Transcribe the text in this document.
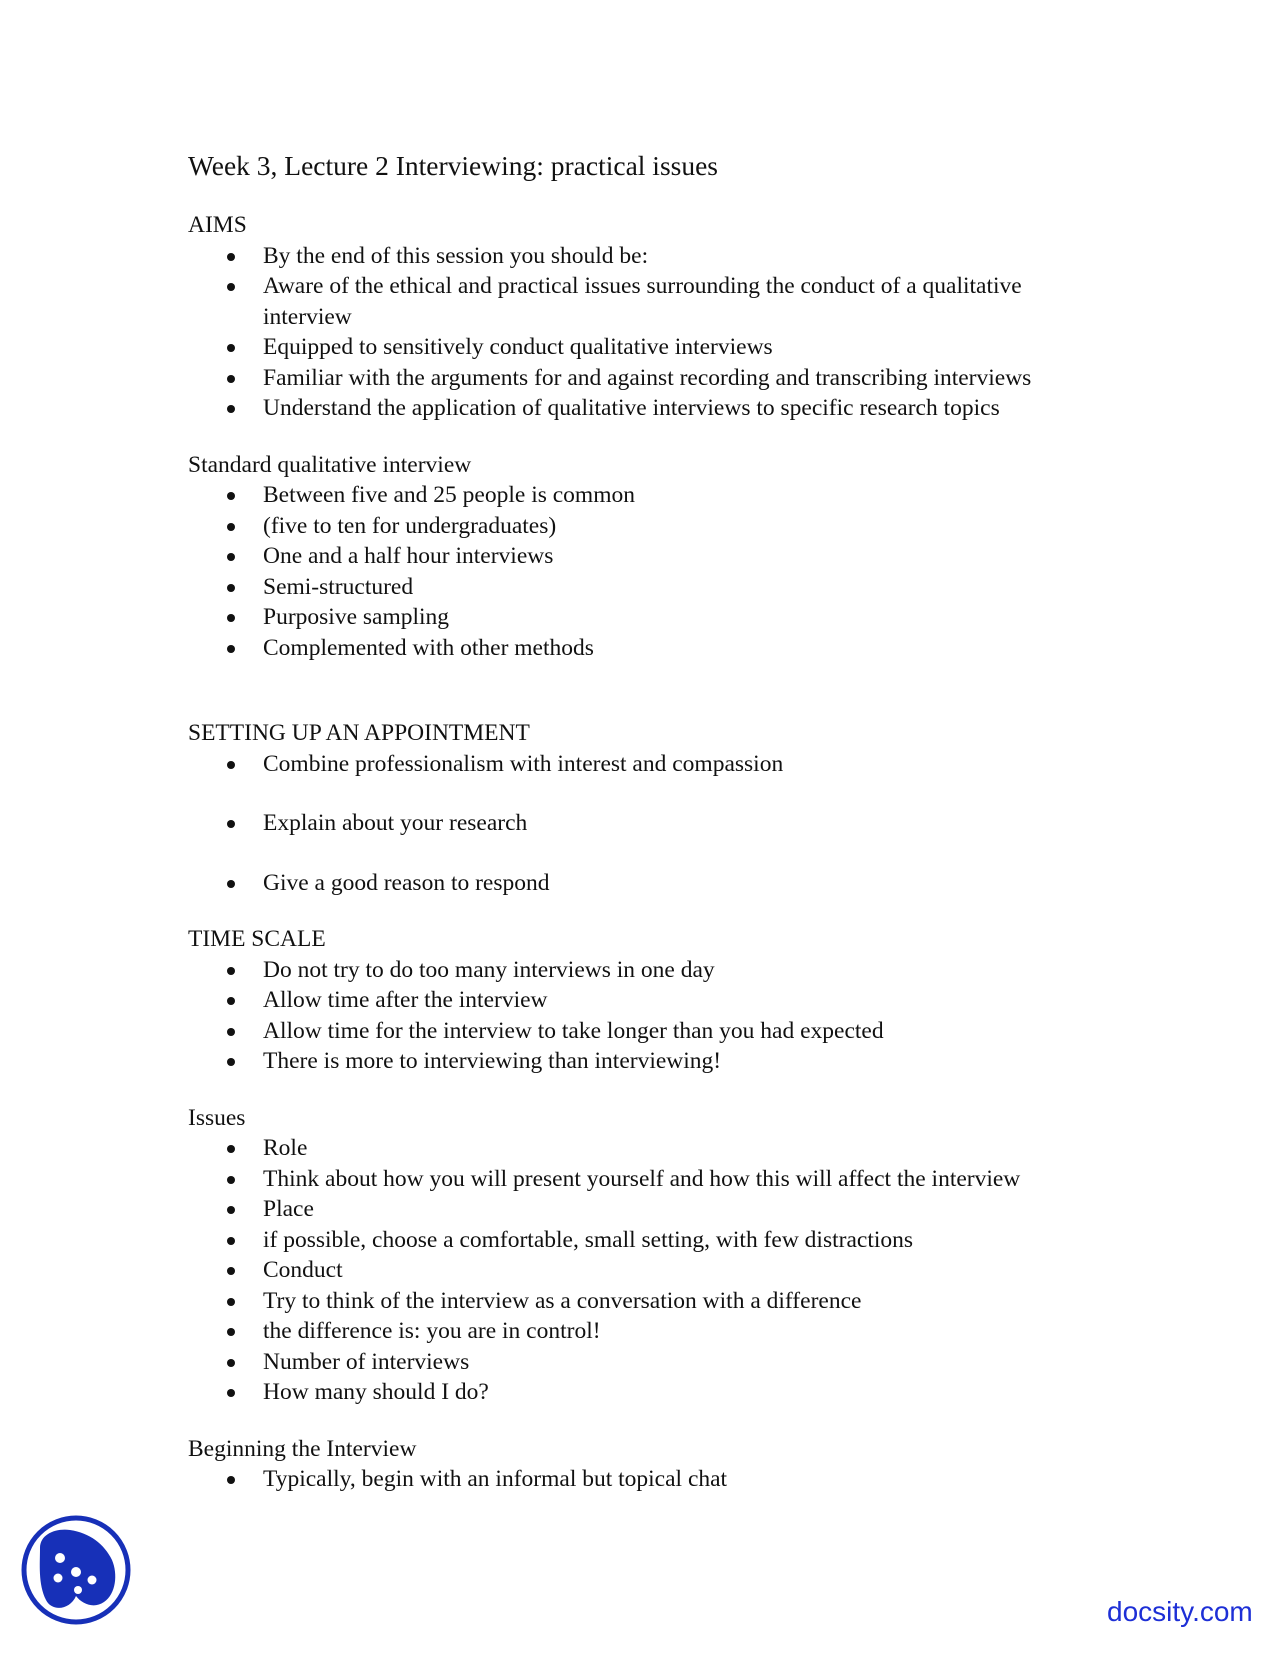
Week 3, Lecture 2 Interviewing: practical issues
AIMS
By the end of this session you should be:
Aware of the ethical and practical issues surrounding the conduct of a qualitative interview
Equipped to sensitively conduct qualitative interviews
Familiar with the arguments for and against recording and transcribing interviews
Understand the application of qualitative interviews to specific research topics
Standard qualitative interview
Between five and 25 people is common
(five to ten for undergraduates)
One and a half hour interviews
Semi-structured
Purposive sampling
Complemented with other methods
SETTING UP AN APPOINTMENT
Combine professionalism with interest and compassion
Explain about your research
Give a good reason to respond
TIME SCALE
Do not try to do too many interviews in one day
Allow time after the interview
Allow time for the interview to take longer than you had expected
There is more to interviewing than interviewing!
Issues
Role
Think about how you will present yourself and how this will affect the interview
Place
if possible, choose a comfortable, small setting, with few distractions
Conduct
Try to think of the interview as a conversation with a difference
the difference is: you are in control!
Number of interviews
How many should I do?
Beginning the Interview
Typically, begin with an informal but topical chat
docsity.com
